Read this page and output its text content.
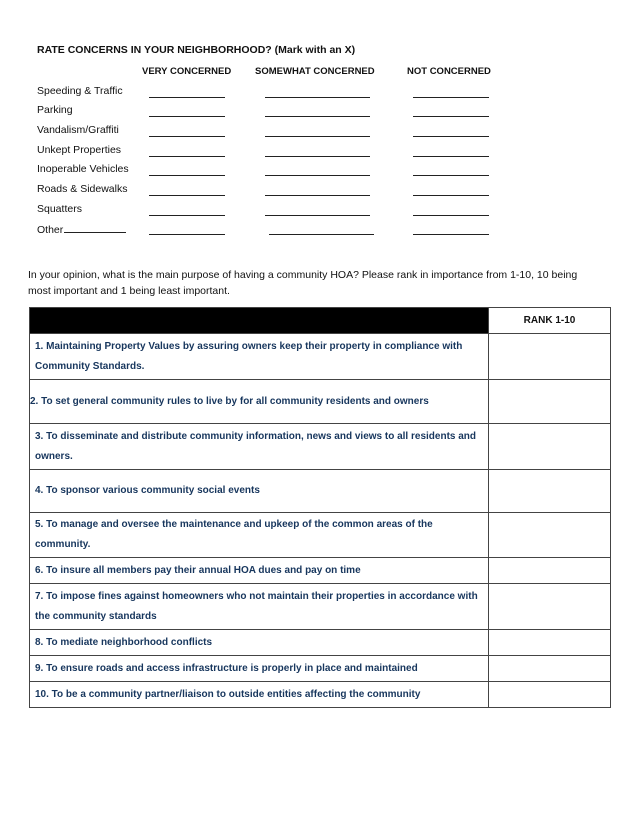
RATE CONCERNS IN YOUR NEIGHBORHOOD? (Mark with an X)
VERY CONCERNED	SOMEWHAT CONCERNED	NOT CONCERNED
Speeding & Traffic
Parking
Vandalism/Graffiti
Unkept Properties
Inoperable Vehicles
Roads & Sidewalks
Squatters
Other
In your opinion, what is the main purpose of having a community HOA? Please rank in importance from 1-10, 10 being most important and 1 being least important.
	RANK 1-10

1. Maintaining Property Values by assuring owners keep their property in compliance with Community Standards.	

2. To set general community rules to live by for all community residents and owners	

3. To disseminate and distribute community information, news and views to all residents and owners.	

4. To sponsor various community social events	

5. To manage and oversee the maintenance and upkeep of the common areas of the community.	

6. To insure all members pay their annual HOA dues and pay on time	

7. To impose fines against homeowners who not maintain their properties in accordance with the community standards	

8. To mediate neighborhood conflicts	

9. To ensure roads and access infrastructure is properly in place and maintained	

10. To be a community partner/liaison to outside entities affecting the community	
